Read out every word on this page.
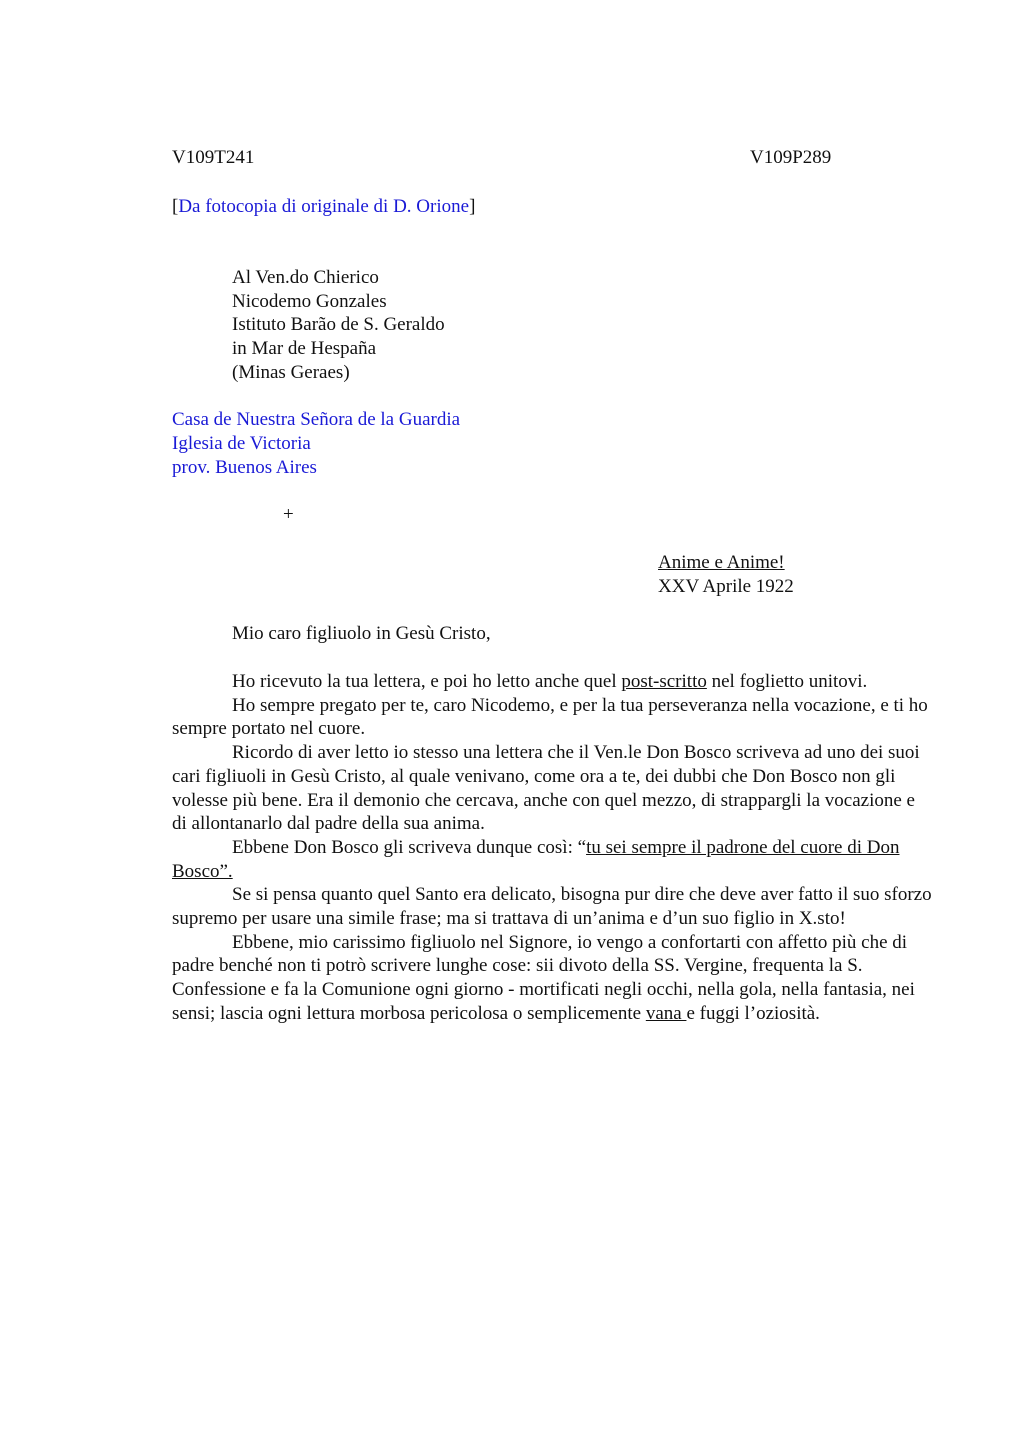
V109T241	V109P289
[Da fotocopia di originale di D. Orione]
Al Ven.do Chierico
Nicodemo Gonzales
Istituto Barão de S. Geraldo
in Mar de Hespaña
(Minas Geraes)
Casa de Nuestra Señora de la Guardia
Iglesia de Victoria
prov. Buenos Aires
+
Anime e Anime!
XXV Aprile 1922
Mio caro figliuolo in Gesù Cristo,

Ho ricevuto la tua lettera, e poi ho letto anche quel post-scritto nel foglietto unitovi.

Ho sempre pregato per te, caro Nicodemo, e per la tua perseveranza nella vocazione, e ti ho sempre portato nel cuore.

Ricordo di aver letto io stesso una lettera che il Ven.le Don Bosco scriveva ad uno dei suoi cari figliuoli in Gesù Cristo, al quale venivano, come ora a te, dei dubbi che Don Bosco non gli volesse più bene. Era il demonio che cercava, anche con quel mezzo, di strappargli la vocazione e di allontanarlo dal padre della sua anima.

Ebbene Don Bosco gli scriveva dunque così: “tu sei sempre il padrone del cuore di Don Bosco”.

Se si pensa quanto quel Santo era delicato, bisogna pur dire che deve aver fatto il suo sforzo supremo per usare una simile frase; ma si trattava di un’anima e d’un suo figlio in X.sto!

Ebbene, mio carissimo figliuolo nel Signore, io vengo a confortarti con affetto più che di padre benché non ti potrò scrivere lunghe cose: sii divoto della SS. Vergine, frequenta la S. Confessione e fa la Comunione ogni giorno - mortificati negli occhi, nella gola, nella fantasia, nei sensi; lascia ogni lettura morbosa pericolosa o semplicemente vana e fuggi l’oziosità.
